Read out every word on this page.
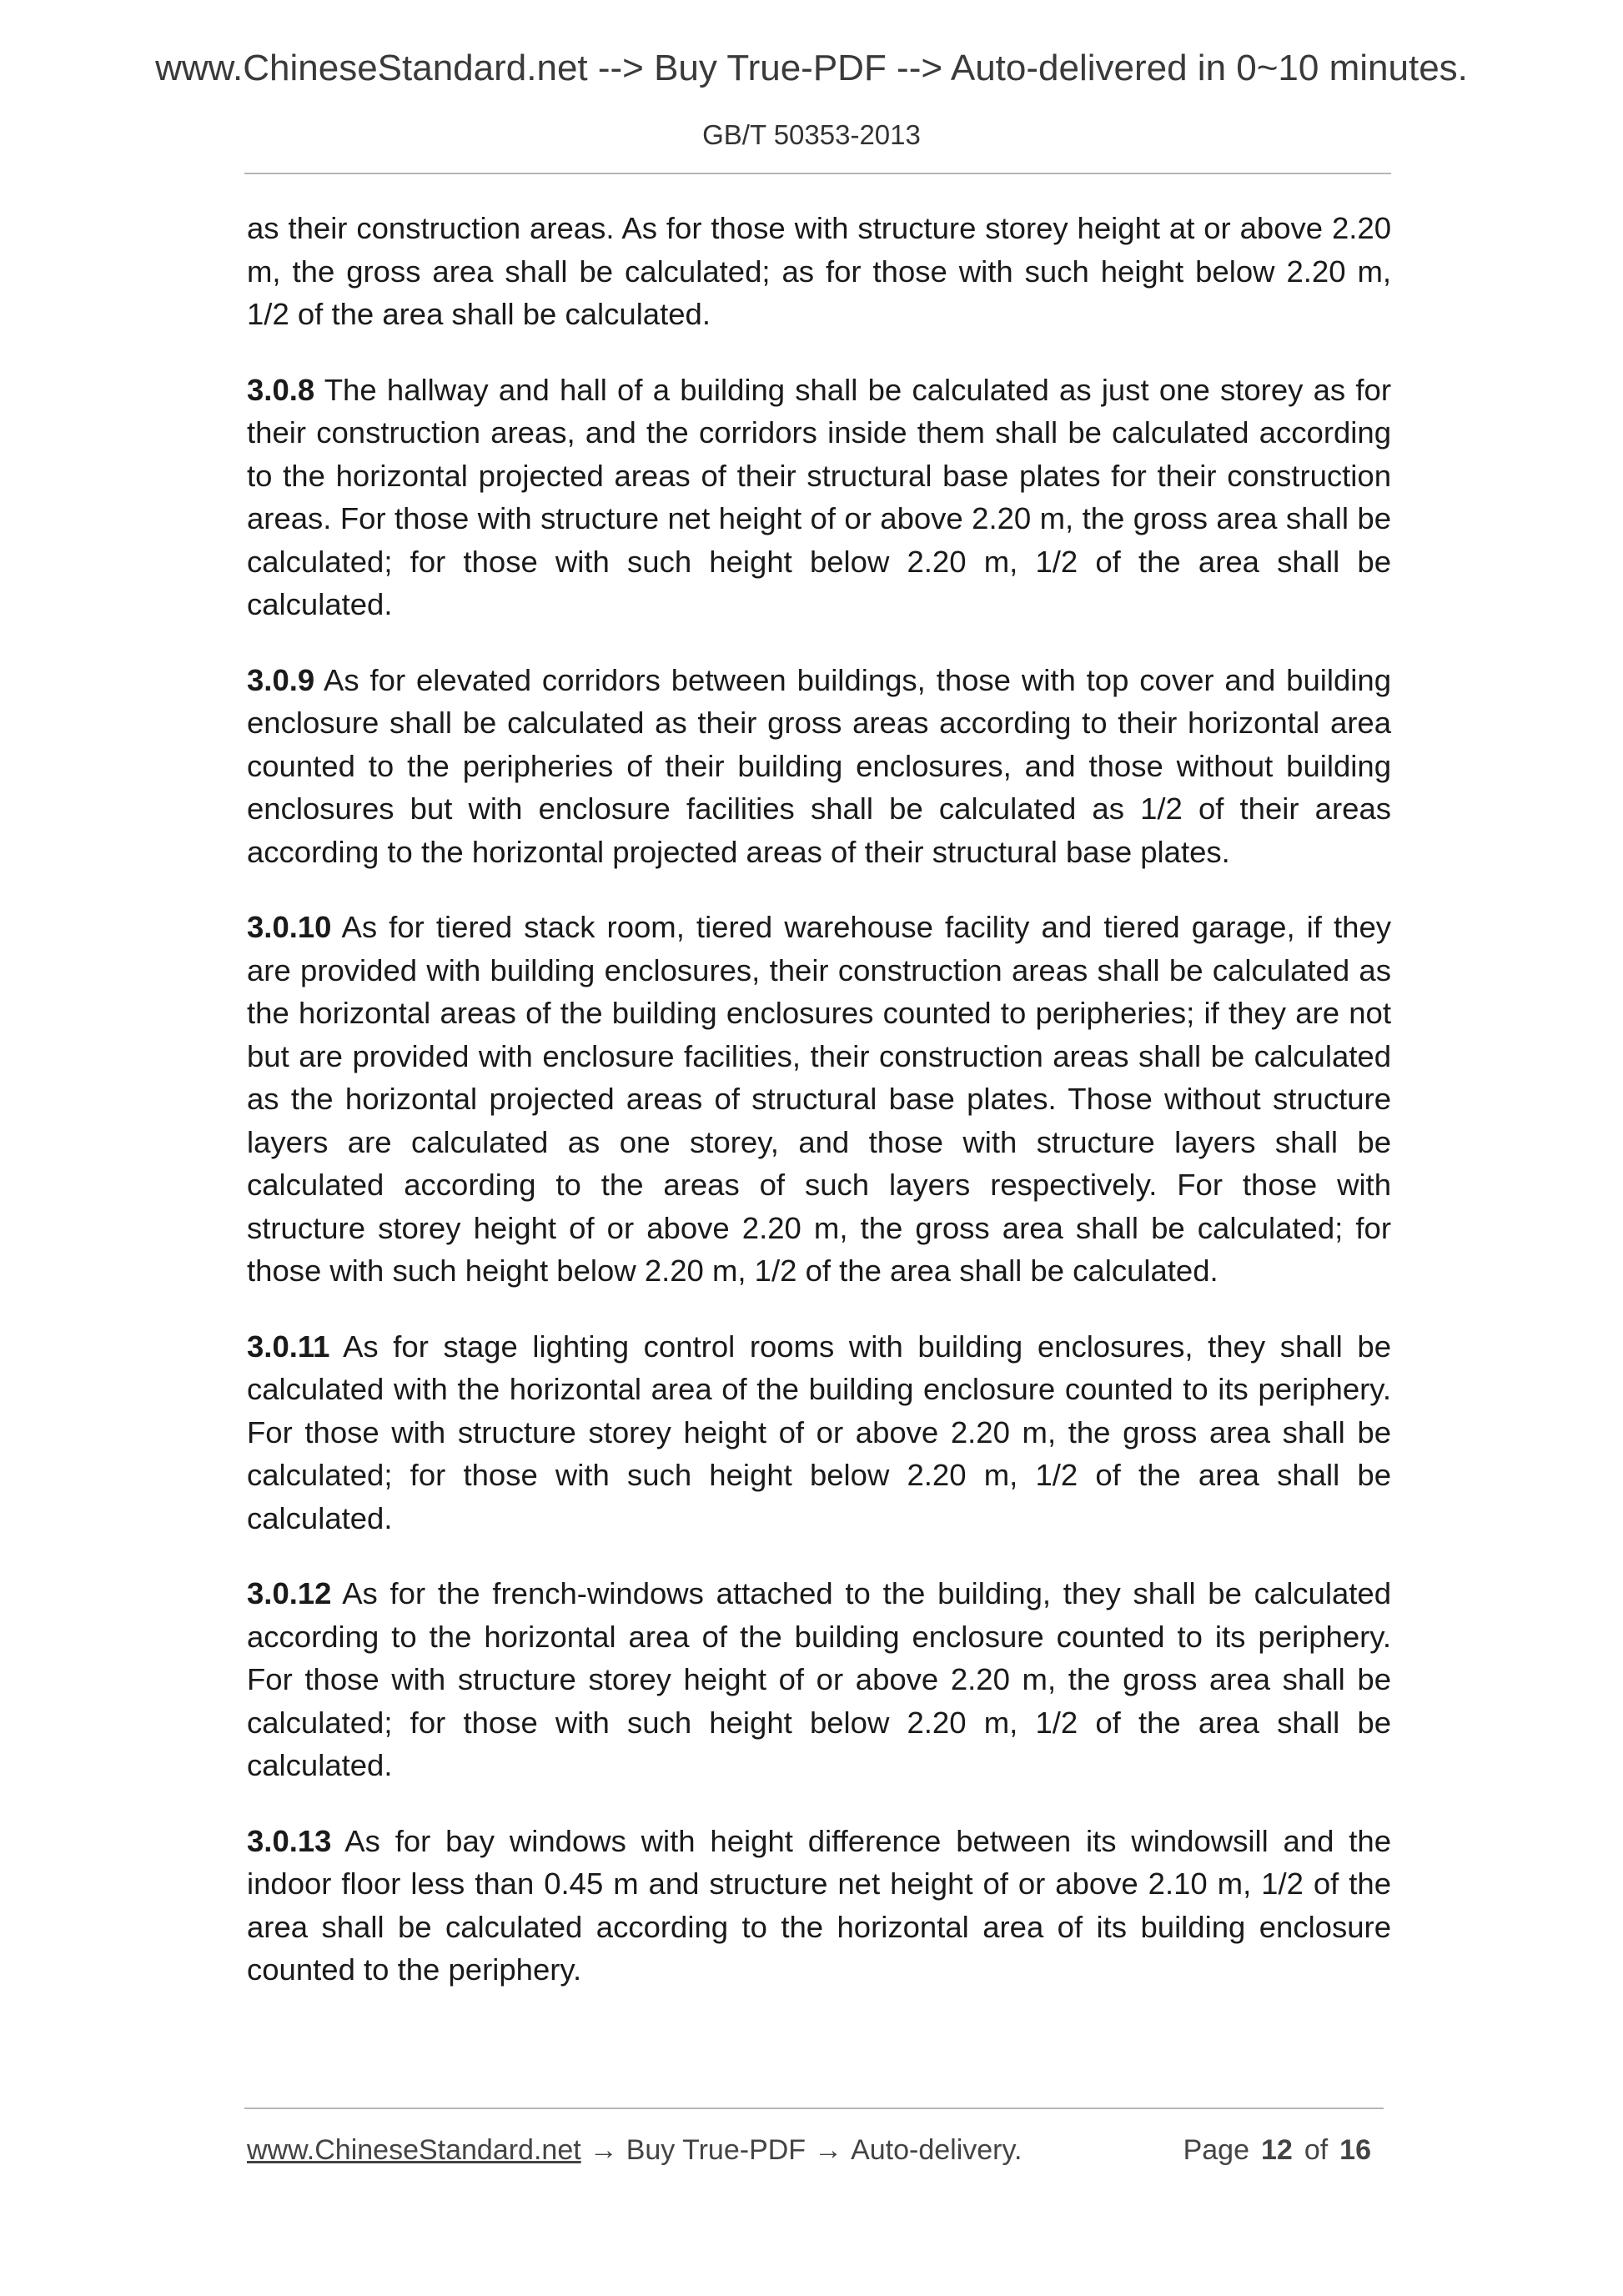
www.ChineseStandard.net --> Buy True-PDF --> Auto-delivered in 0~10 minutes.
GB/T 50353-2013

as their construction areas. As for those with structure storey height at or above 2.20 m, the gross area shall be calculated; as for those with such height below 2.20 m, 1/2 of the area shall be calculated.

3.0.8 The hallway and hall of a building shall be calculated as just one storey as for their construction areas, and the corridors inside them shall be calculated according to the horizontal projected areas of their structural base plates for their construction areas. For those with structure net height of or above 2.20 m, the gross area shall be calculated; for those with such height below 2.20 m, 1/2 of the area shall be calculated.

3.0.9 As for elevated corridors between buildings, those with top cover and building enclosure shall be calculated as their gross areas according to their horizontal area counted to the peripheries of their building enclosures, and those without building enclosures but with enclosure facilities shall be calculated as 1/2 of their areas according to the horizontal projected areas of their structural base plates.

3.0.10 As for tiered stack room, tiered warehouse facility and tiered garage, if they are provided with building enclosures, their construction areas shall be calculated as the horizontal areas of the building enclosures counted to peripheries; if they are not but are provided with enclosure facilities, their construction areas shall be calculated as the horizontal projected areas of structural base plates. Those without structure layers are calculated as one storey, and those with structure layers shall be calculated according to the areas of such layers respectively. For those with structure storey height of or above 2.20 m, the gross area shall be calculated; for those with such height below 2.20 m, 1/2 of the area shall be calculated.

3.0.11 As for stage lighting control rooms with building enclosures, they shall be calculated with the horizontal area of the building enclosure counted to its periphery. For those with structure storey height of or above 2.20 m, the gross area shall be calculated; for those with such height below 2.20 m, 1/2 of the area shall be calculated.

3.0.12 As for the french-windows attached to the building, they shall be calculated according to the horizontal area of the building enclosure counted to its periphery. For those with structure storey height of or above 2.20 m, the gross area shall be calculated; for those with such height below 2.20 m, 1/2 of the area shall be calculated.

3.0.13 As for bay windows with height difference between its windowsill and the indoor floor less than 0.45 m and structure net height of or above 2.10 m, 1/2 of the area shall be calculated according to the horizontal area of its building enclosure counted to the periphery.

www.ChineseStandard.net → Buy True-PDF → Auto-delivery.	Page 12 of 16
